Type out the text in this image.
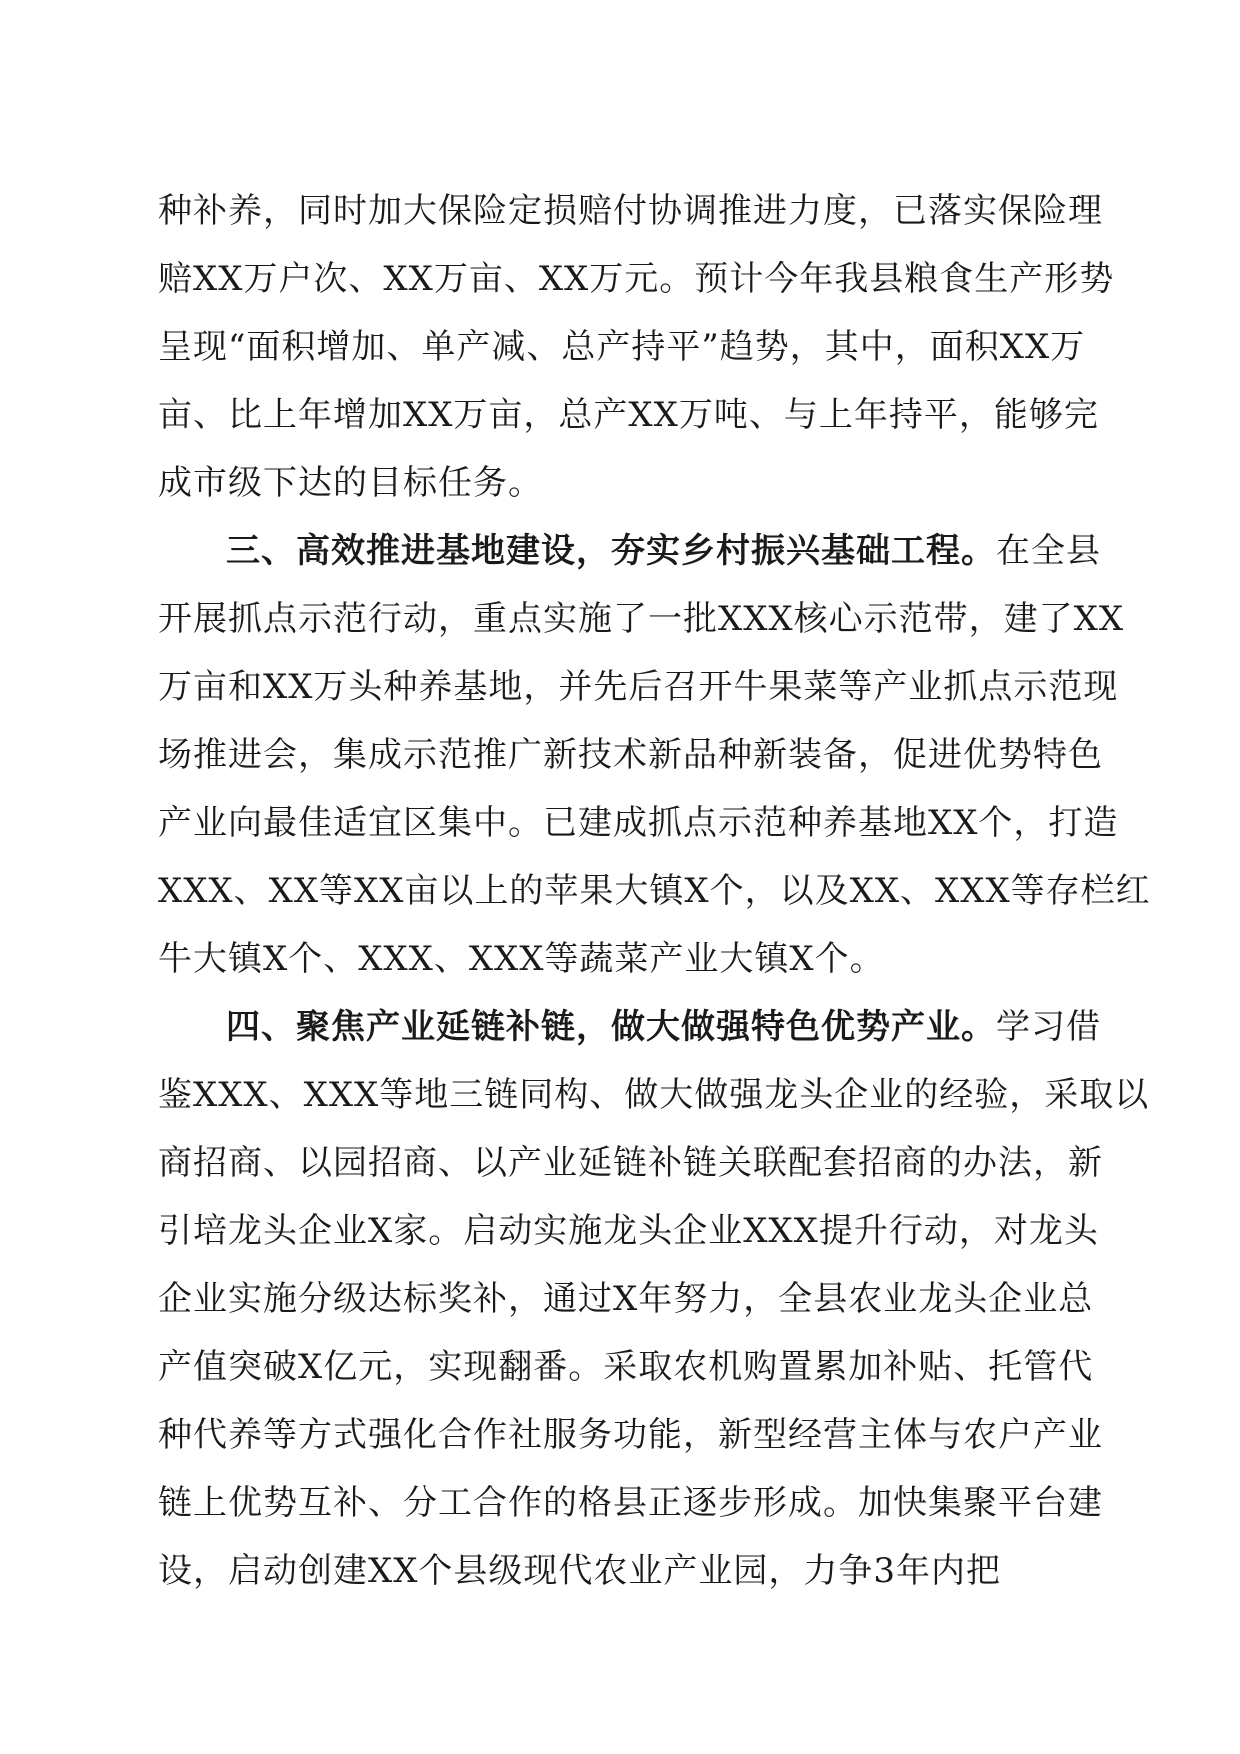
种补养，同时加大保险定损赔付协调推进力度，已落实保险理
赔XX万户次、XX万亩、XX万元。预计今年我县粮食生产形势
呈现“面积增加、单产减、总产持平”趋势，其中，面积XX万
亩、比上年增加XX万亩，总产XX万吨、与上年持平，能够完
成市级下达的目标任务。
三、高效推进基地建设，夯实乡村振兴基础工程。在全县
开展抓点示范行动，重点实施了一批XXX核心示范带，建了XX
万亩和XX万头种养基地，并先后召开牛果菜等产业抓点示范现
场推进会，集成示范推广新技术新品种新装备，促进优势特色
产业向最佳适宜区集中。已建成抓点示范种养基地XX个，打造
XXX、XX等XX亩以上的苹果大镇X个，以及XX、XXX等存栏红
牛大镇X个、XXX、XXX等蔬菜产业大镇X个。
四、聚焦产业延链补链，做大做强特色优势产业。学习借
鉴XXX、XXX等地三链同构、做大做强龙头企业的经验，采取以
商招商、以园招商、以产业延链补链关联配套招商的办法，新
引培龙头企业X家。启动实施龙头企业XXX提升行动，对龙头
企业实施分级达标奖补，通过X年努力，全县农业龙头企业总
产值突破X亿元，实现翻番。采取农机购置累加补贴、托管代
种代养等方式强化合作社服务功能，新型经营主体与农户产业
链上优势互补、分工合作的格县正逐步形成。加快集聚平台建
设，启动创建XX个县级现代农业产业园，力争3年内把
